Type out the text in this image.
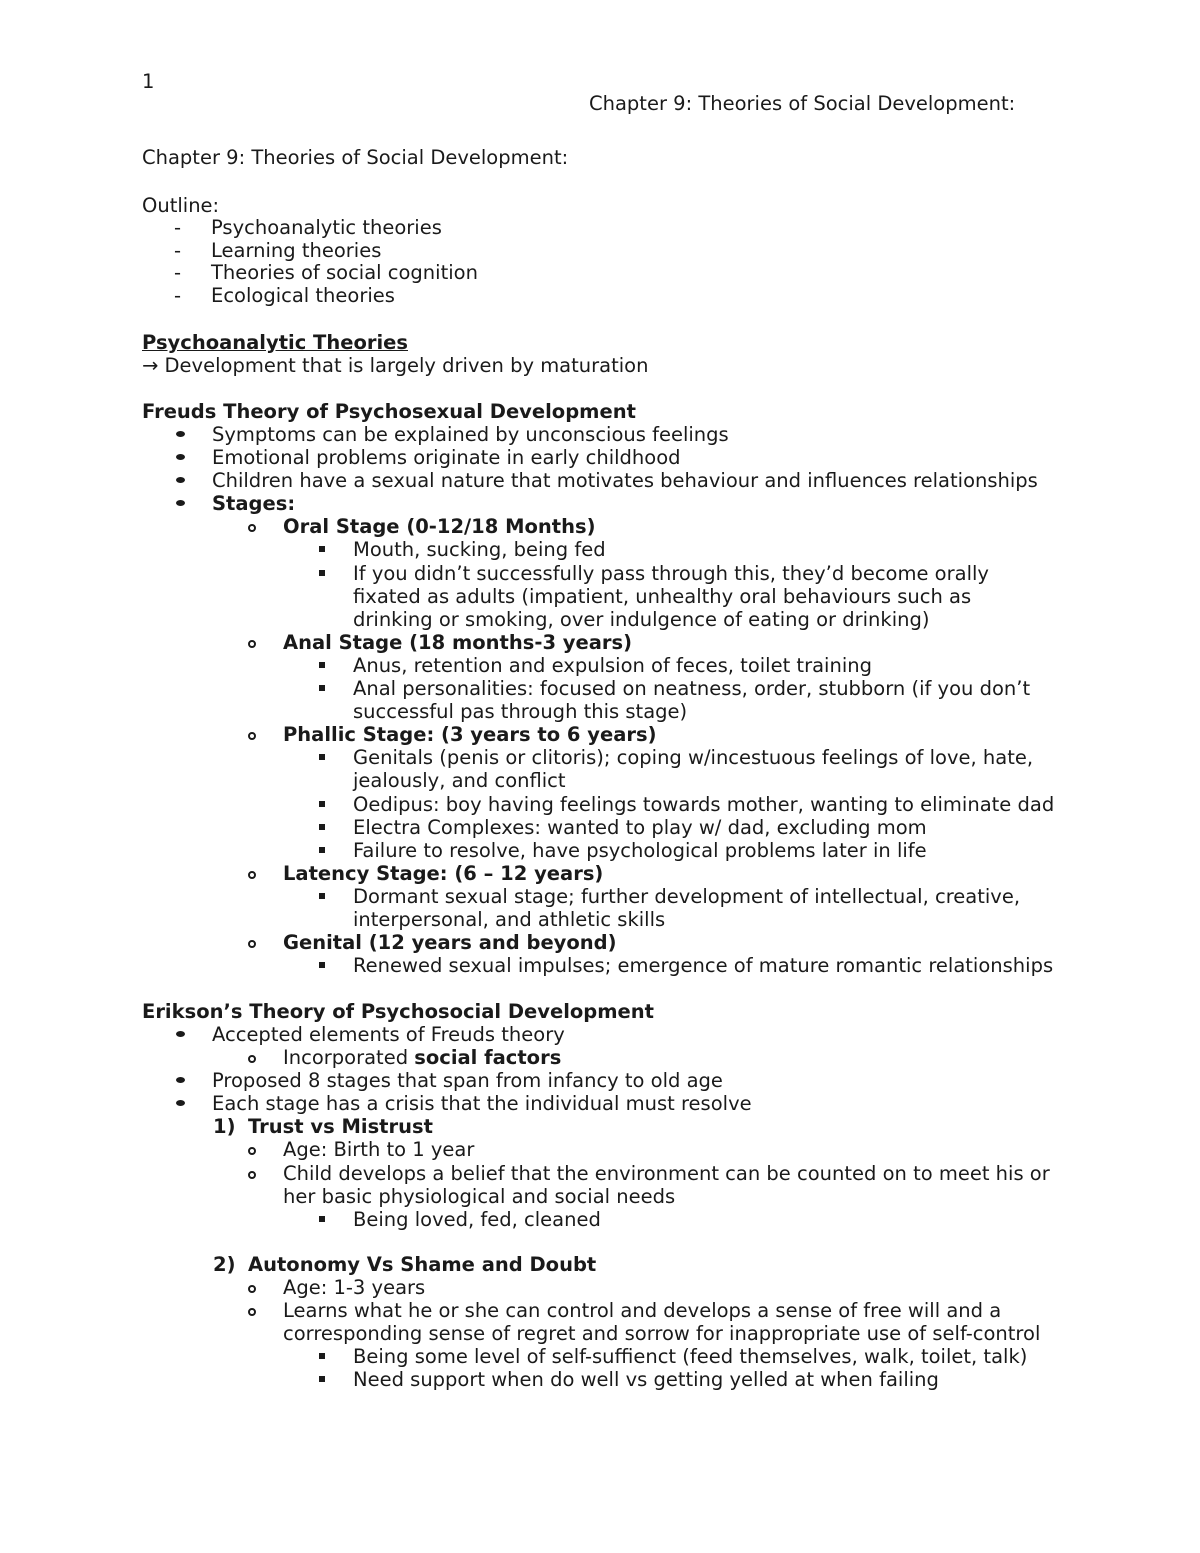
1
Chapter 9: Theories of Social Development:
Chapter 9: Theories of Social Development:
Outline:
- Psychoanalytic theories
- Learning theories
- Theories of social cognition
- Ecological theories
Psychoanalytic Theories
→ Development that is largely driven by maturation
Freuds Theory of Psychosexual Development
Symptoms can be explained by unconscious feelings
Emotional problems originate in early childhood
Children have a sexual nature that motivates behaviour and influences relationships
Stages:
Oral Stage (0-12/18 Months)
Mouth, sucking, being fed
If you didn’t successfully pass through this, they’d become orally
fixated as adults (impatient, unhealthy oral behaviours such as
drinking or smoking, over indulgence of eating or drinking)
Anal Stage (18 months-3 years)
Anus, retention and expulsion of feces, toilet training
Anal personalities: focused on neatness, order, stubborn (if you don’t
successful pas through this stage)
Phallic Stage: (3 years to 6 years)
Genitals (penis or clitoris); coping w/incestuous feelings of love, hate,
jealously, and conflict
Oedipus: boy having feelings towards mother, wanting to eliminate dad
Electra Complexes: wanted to play w/ dad, excluding mom
Failure to resolve, have psychological problems later in life
Latency Stage: (6 – 12 years)
Dormant sexual stage; further development of intellectual, creative,
interpersonal, and athletic skills
Genital (12 years and beyond)
Renewed sexual impulses; emergence of mature romantic relationships
Erikson’s Theory of Psychosocial Development
Accepted elements of Freuds theory
Incorporated social factors
Proposed 8 stages that span from infancy to old age
Each stage has a crisis that the individual must resolve
1) Trust vs Mistrust
Age: Birth to 1 year
Child develops a belief that the environment can be counted on to meet his or
her basic physiological and social needs
Being loved, fed, cleaned
2) Autonomy Vs Shame and Doubt
Age: 1-3 years
Learns what he or she can control and develops a sense of free will and a
corresponding sense of regret and sorrow for inappropriate use of self-control
Being some level of self-suffienct (feed themselves, walk, toilet, talk)
Need support when do well vs getting yelled at when failing
